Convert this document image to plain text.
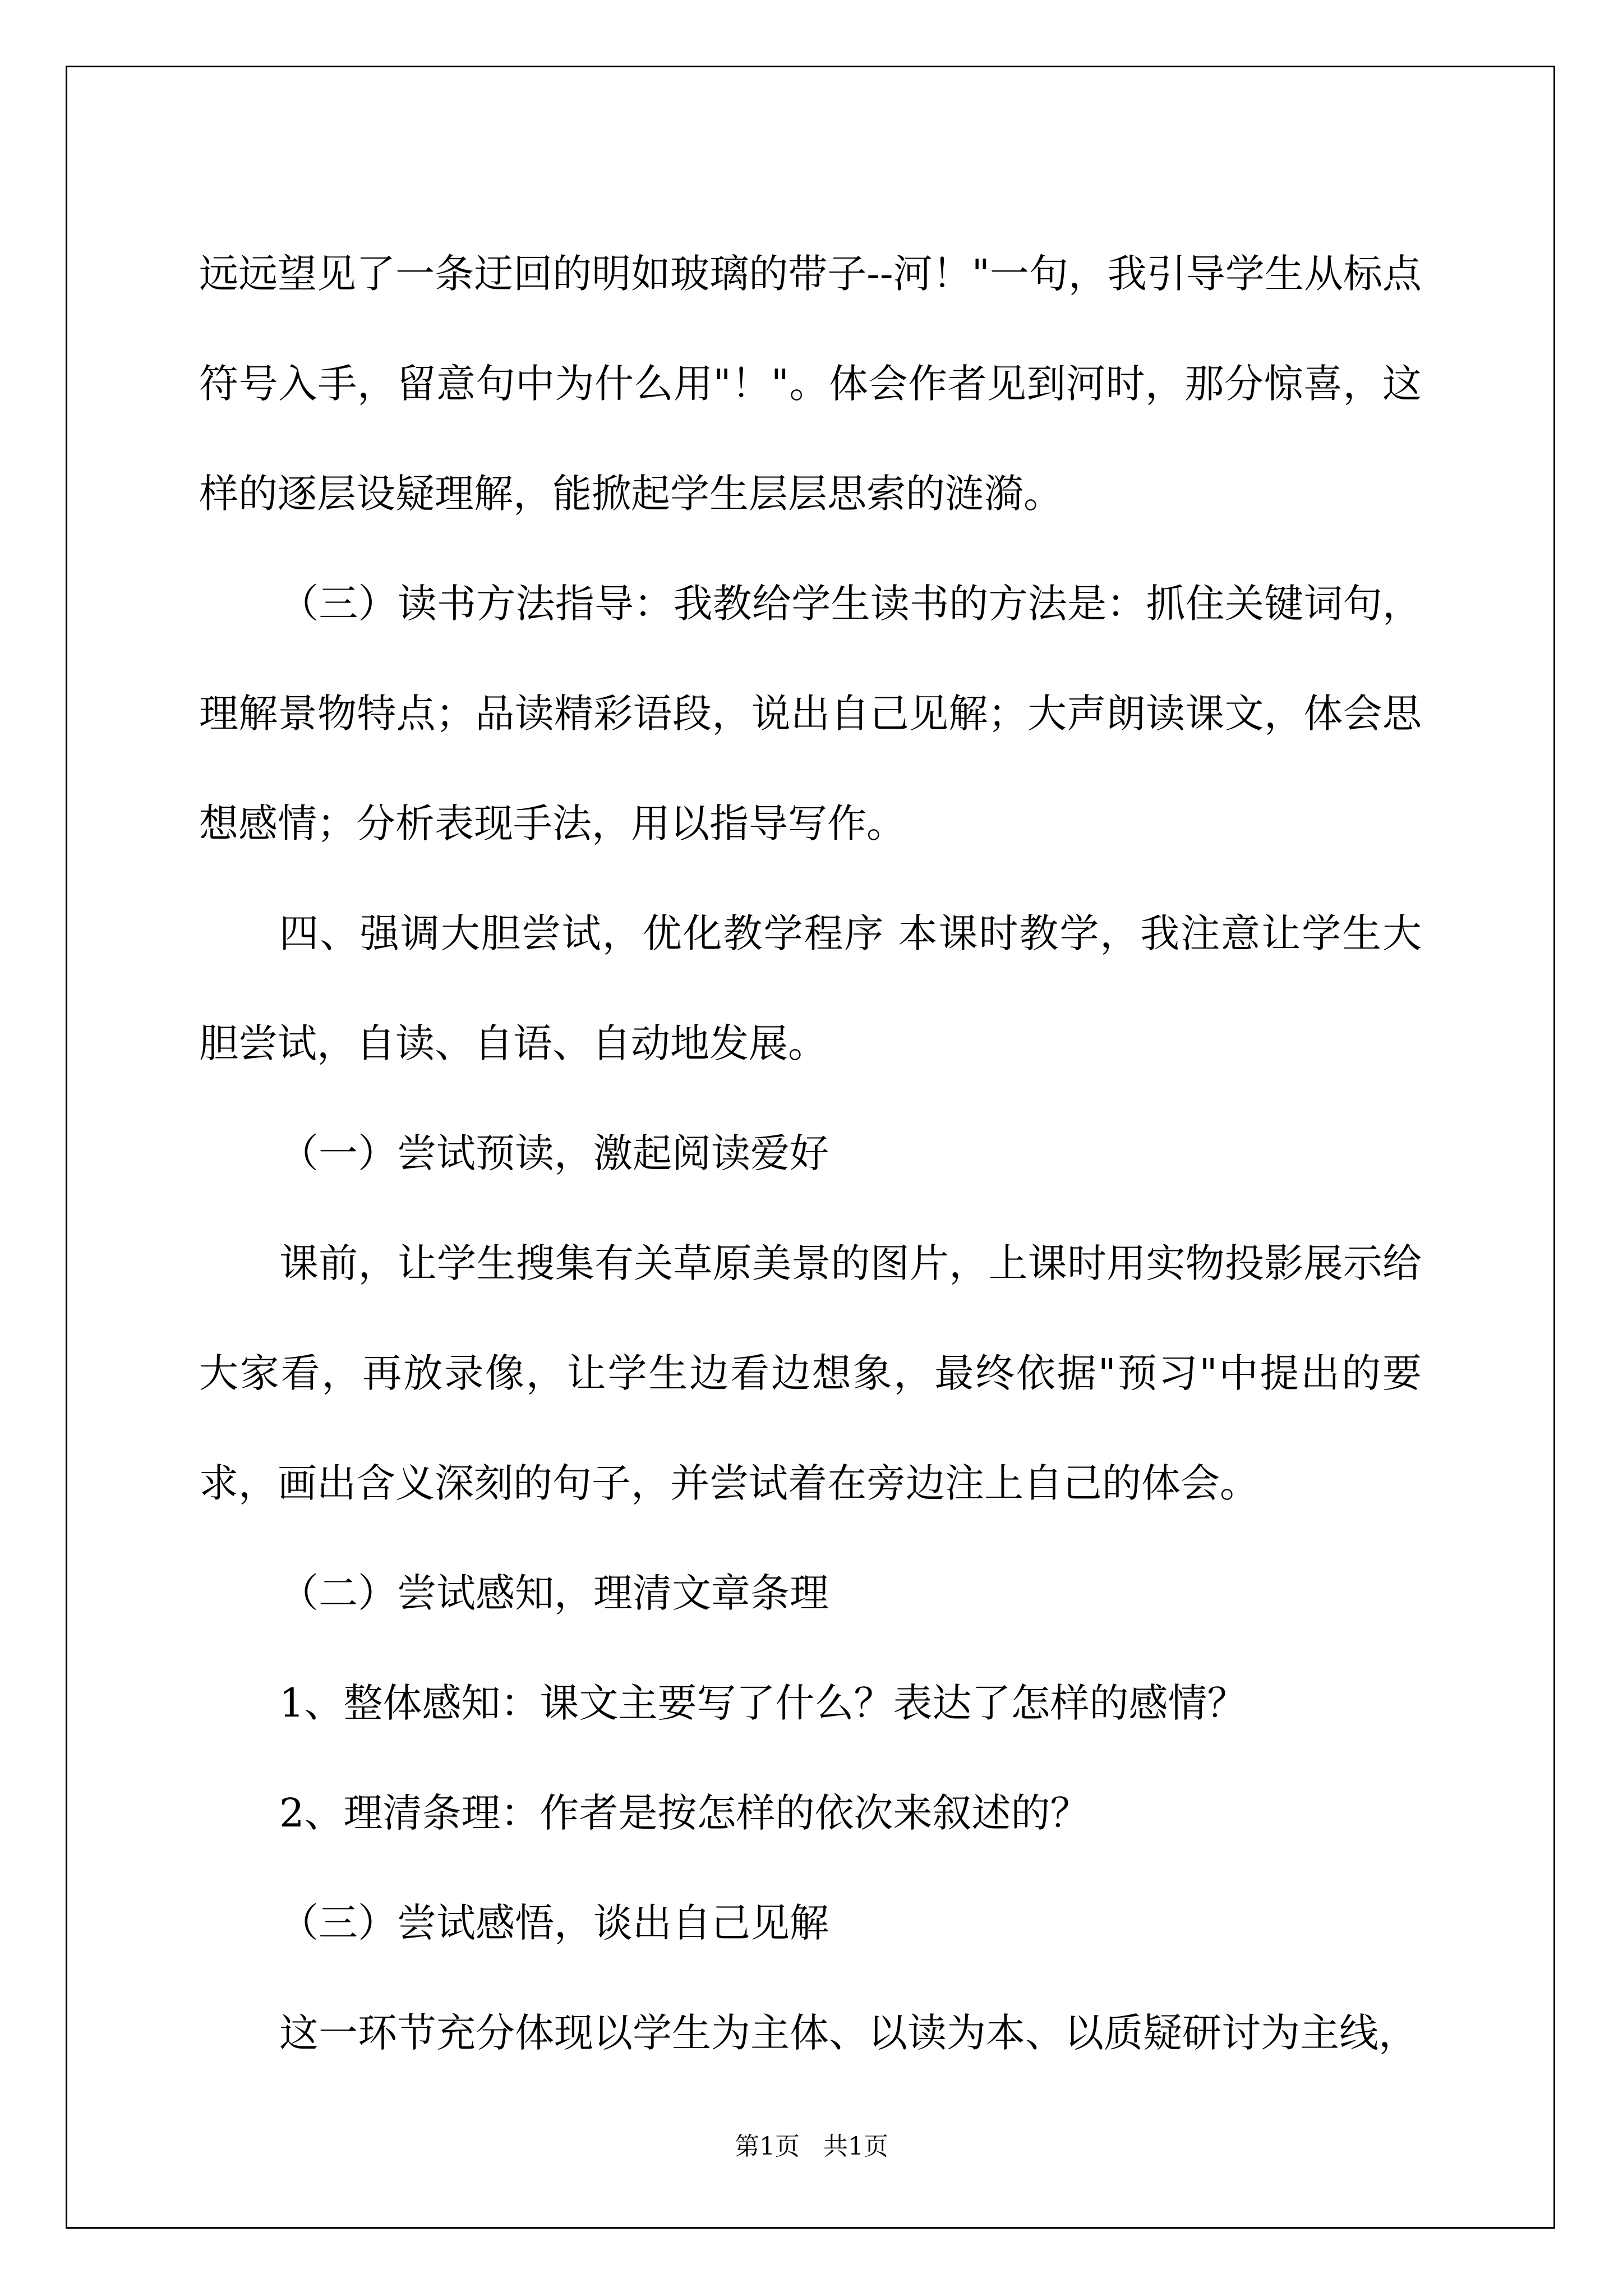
远远望见了一条迂回的明如玻璃的带子--河！"一句，我引导学生从标点符号入手，留意句中为什么用"！"。体会作者见到河时，那分惊喜，这样的逐层设疑理解，能掀起学生层层思索的涟漪。

（三）读书方法指导：我教给学生读书的方法是：抓住关键词句，理解景物特点；品读精彩语段，说出自己见解；大声朗读课文，体会思想感情；分析表现手法，用以指导写作。

四、强调大胆尝试，优化教学程序 本课时教学，我注意让学生大胆尝试，自读、自语、自动地发展。

（一）尝试预读，激起阅读爱好

课前，让学生搜集有关草原美景的图片，上课时用实物投影展示给大家看，再放录像，让学生边看边想象，最终依据"预习"中提出的要求，画出含义深刻的句子，并尝试着在旁边注上自己的体会。

（二）尝试感知，理清文章条理

1、整体感知：课文主要写了什么？表达了怎样的感情？

2、理清条理：作者是按怎样的依次来叙述的？

（三）尝试感悟，谈出自己见解

这一环节充分体现以学生为主体、以读为本、以质疑研讨为主线，

第1页 共1页
